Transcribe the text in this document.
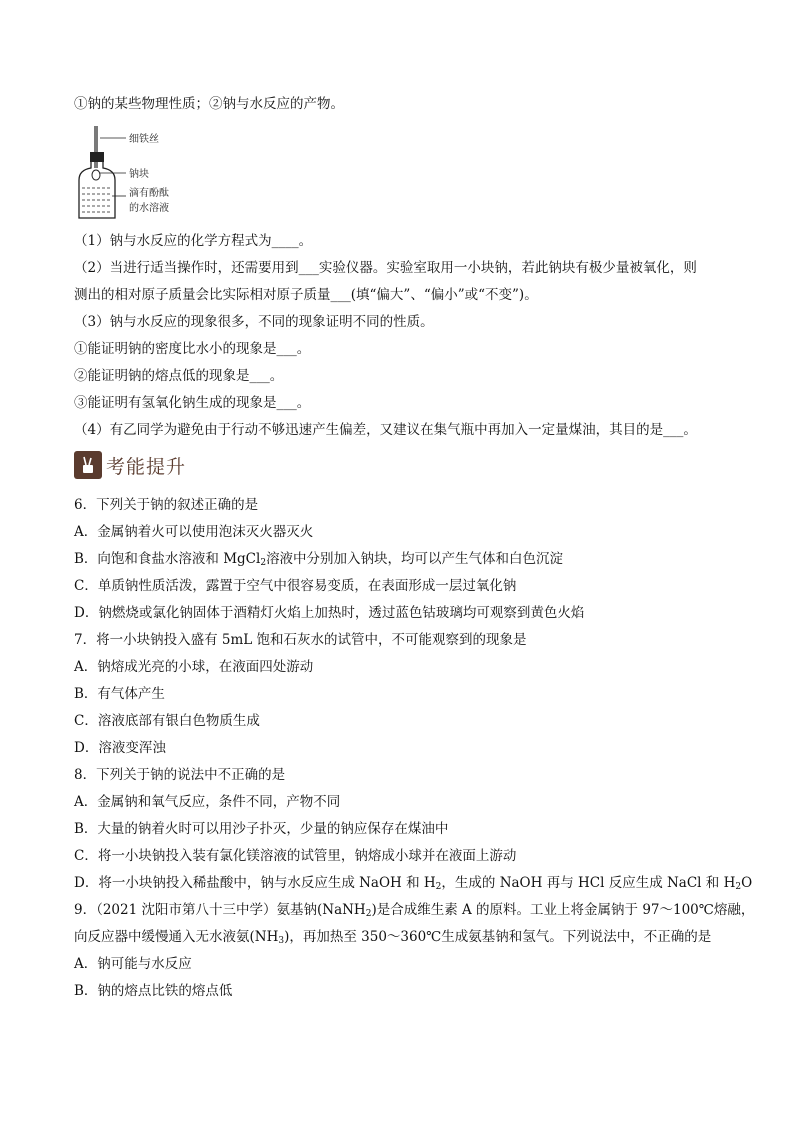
①钠的某些物理性质；②钠与水反应的产物。
细铁丝
钠块
滴有酚酞
的水溶液
（1）钠与水反应的化学方程式为____。
（2）当进行适当操作时，还需要用到___实验仪器。实验室取用一小块钠，若此钠块有极少量被氧化，则
测出的相对原子质量会比实际相对原子质量___(填“偏大”、“偏小”或“不变”)。
（3）钠与水反应的现象很多，不同的现象证明不同的性质。
①能证明钠的密度比水小的现象是___。
②能证明钠的熔点低的现象是___。
③能证明有氢氧化钠生成的现象是___。
（4）有乙同学为避免由于行动不够迅速产生偏差，又建议在集气瓶中再加入一定量煤油，其目的是___。
考能提升
6．下列关于钠的叙述正确的是
A．金属钠着火可以使用泡沫灭火器灭火
B．向饱和食盐水溶液和 MgCl$_2$溶液中分别加入钠块，均可以产生气体和白色沉淀
C．单质钠性质活泼，露置于空气中很容易变质，在表面形成一层过氧化钠
D．钠燃烧或氯化钠固体于酒精灯火焰上加热时，透过蓝色钴玻璃均可观察到黄色火焰
7．将一小块钠投入盛有 5mL 饱和石灰水的试管中，不可能观察到的现象是
A．钠熔成光亮的小球，在液面四处游动
B．有气体产生
C．溶液底部有银白色物质生成
D．溶液变浑浊
8．下列关于钠的说法中不正确的是
A．金属钠和氧气反应，条件不同，产物不同
B．大量的钠着火时可以用沙子扑灭，少量的钠应保存在煤油中
C．将一小块钠投入装有氯化镁溶液的试管里，钠熔成小球并在液面上游动
D．将一小块钠投入稀盐酸中，钠与水反应生成 NaOH 和 $H_2$，生成的 NaOH 再与 HCl 反应生成 NaCl 和 $H_2O$
9．（2021 沈阳市第八十三中学）氨基钠(NaNH$_2$)是合成维生素 A 的原料。工业上将金属钠于 97～100℃熔融，
向反应器中缓慢通入无水液氨$(NH_3)$，再加热至 350～360℃生成氨基钠和氢气。下列说法中，不正确的是
A．钠可能与水反应
B．钠的熔点比铁的熔点低
